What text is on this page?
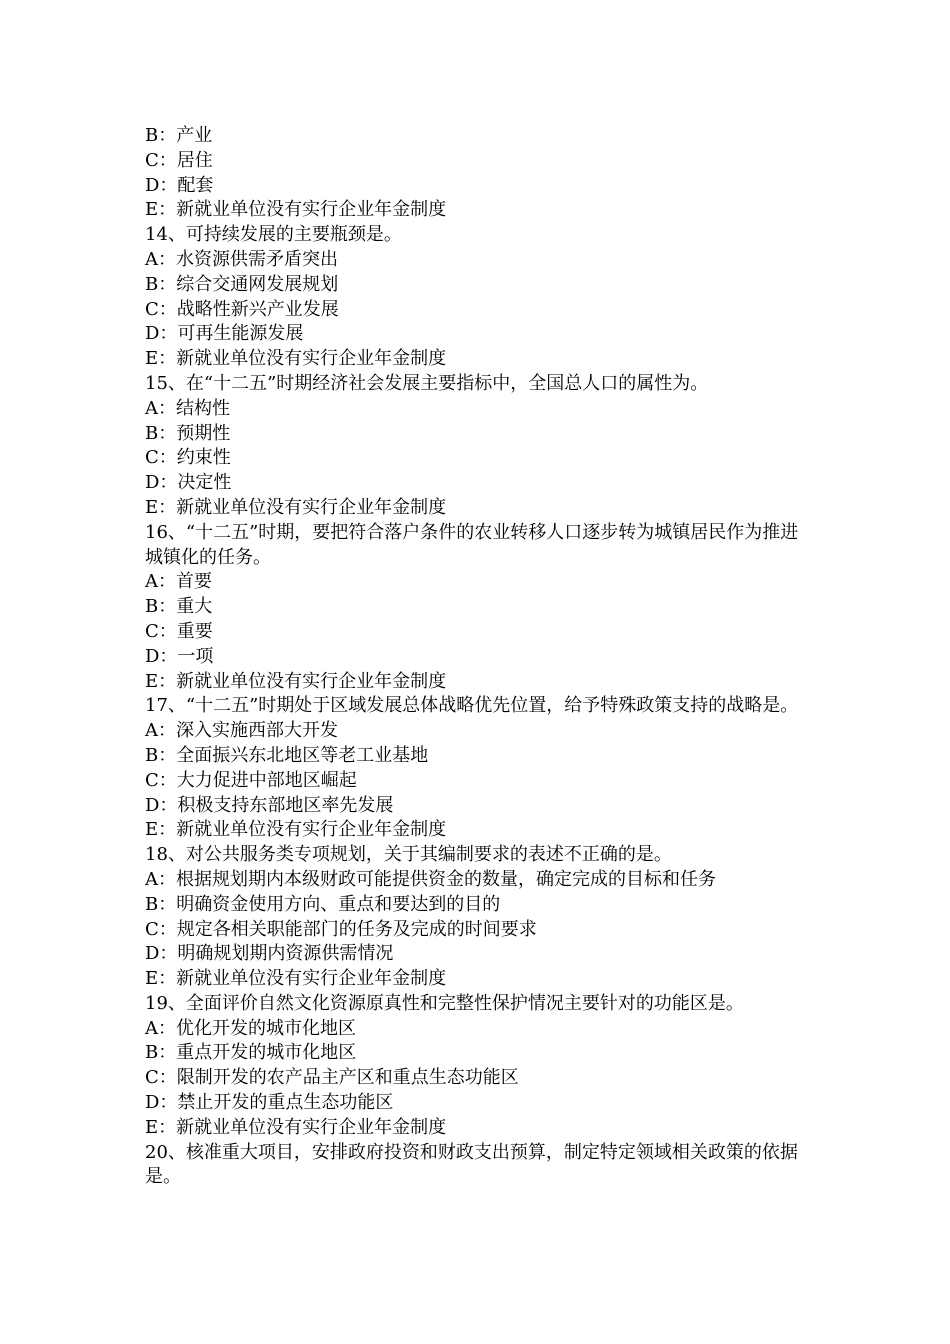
B：产业

C：居住

D：配套

E：新就业单位没有实行企业年金制度

14、可持续发展的主要瓶颈是。

A：水资源供需矛盾突出

B：综合交通网发展规划

C：战略性新兴产业发展

D：可再生能源发展

E：新就业单位没有实行企业年金制度

15、在“十二五”时期经济社会发展主要指标中，全国总人口的属性为。

A：结构性

B：预期性

C：约束性

D：决定性

E：新就业单位没有实行企业年金制度

16、“十二五”时期，要把符合落户条件的农业转移人口逐步转为城镇居民作为推进城镇化的任务。

A：首要

B：重大

C：重要

D：一项

E：新就业单位没有实行企业年金制度

17、“十二五”时期处于区域发展总体战略优先位置，给予特殊政策支持的战略是。

A：深入实施西部大开发

B：全面振兴东北地区等老工业基地

C：大力促进中部地区崛起

D：积极支持东部地区率先发展

E：新就业单位没有实行企业年金制度

18、对公共服务类专项规划，关于其编制要求的表述不正确的是。

A：根据规划期内本级财政可能提供资金的数量，确定完成的目标和任务

B：明确资金使用方向、重点和要达到的目的

C：规定各相关职能部门的任务及完成的时间要求

D：明确规划期内资源供需情况

E：新就业单位没有实行企业年金制度

19、全面评价自然文化资源原真性和完整性保护情况主要针对的功能区是。

A：优化开发的城市化地区

B：重点开发的城市化地区

C：限制开发的农产品主产区和重点生态功能区

D：禁止开发的重点生态功能区

E：新就业单位没有实行企业年金制度

20、核准重大项目，安排政府投资和财政支出预算，制定特定领域相关政策的依据是。
